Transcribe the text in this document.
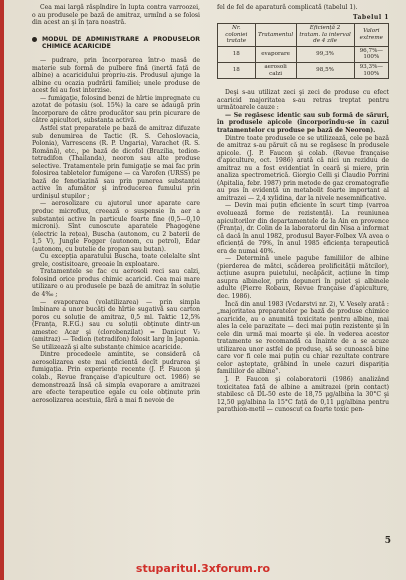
Cea mai largă răspîndire în lupta contra varroozei, o au produsele pe bază de amitraz, urmînd a se folosi din acest an şi în țara noastră.

MODUL DE ADMINISTRARE A PRODUSELOR CHIMICE ACARICIDE

— pudrare, prin încorporarea într-o masă de materie sub formă de pulbere fină (inertă față de albine) a acaricidului propriu-zis. Produsul ajunge la albine cu ocazia pudrării familiei; unele produse de acest fel au fost interzise.

— fumigaţie, folosind benzi de hîrtie impregnate cu azotat de potasiu (sol. 15%) la care se adaugă prin încorporare de către producător sau prin picurare de către apicultori, substanța activă.

Astfel stat preparatele pe bază de amitraz difuzate sub denumirea de Tactic (R. S. Cehoslovacia, Polonia), Varrescens (R. P. Ungaria), Varachet (R. S. Română), etc., pe bază de dicofol (Brazilia, tedion-tetradifon (Thailanda), neoron sau alte produse selective. Tratamentele prin fumigaţie se mai fac prin folosirea tabletelor fumigene — ca Varofen (URSS) pe bază de fenotiazină sau prin punerea substanței active în afumător şi introducerea fumului prin urdinișul stupilor ;

— aerosolizare cu ajutorul unor aparate care produc microflux, creează o suspensie în aer a substanței active în particule foarte fine (0,5—0,10 microni). Sînt cunoscute aparatele Phagogène (electric la rețea), Buscha (autonom, cu 2 baterii de 1,5 V), Jungle Fogger (autonom, cu petrol), Edar (autonom, cu butelie de propan sau butan).

Cu excepția aparatului Buscha, toate celelalte sînt grele, costisitoare, greoaie în exploatare.

Tratamentele se fac cu aerosoli reci sau calzi, folosind orice produs chimic acaricid. Cea mai mare utilizare o au produsele pe bază de amitraz în soluție de 4‰ ;

— evaporarea (volatilizarea) — prin simpla îmbinare a unor bucăți de hîrtie sugativă sau carton poros cu soluție de amitraz, 0,5 ml. Taktic 12,5% (Franța, R.F.G.) sau cu soluții obținute dintr-un amestec Acar şi (clorobenzilat) = Danicut V₂ (amitraz) — Tedion (tetradifon) folosit larg în Japonia. Se utilizează şi alte substanțe chimice acaricide.

Dintre procedeele amintite, se consideră că aerosolizarea este mai eficientă decît pudrarea şi fumigația. Prin experiențe recente (J. P. Faucon şi colab., Revue française d'apiculture oct. 1986) se demonstrează însă că simpla evaporare a amitrazei are efecte terapeutice egale cu cele obținute prin aerosolizarea acestuia, fără a mai fi nevoie de

fel de fel de aparatură complicată (tabelul 1).

Tabelul 1

Nr. coloniei tratate	Tratamentul	Eficiență 2 tratam. la interval de 4 zile	Valori extreme
18	evaporare	99,3%	96,7%—100%
18	aerosoli calzi	98,5%	93,3%—100%

Deşi s-au utilizat zeci şi zeci de produse cu efect acaricid majoritatea s-au retras treptat pentru următoarele cauze :

— Se regăsesc identic sau sub formă de săruri, în produsele apicole (încorporîndu-se în cazul tratamentelor cu produse pe bază de Neoron).

Dintre toate produsele ce se utilizează, cele pe bază de amitraz s-au păruit că nu se regăsesc în produsele apicole. (J. P. Faucon şi colab. (Revue française d'apiculture, oct. 1986) arată că nici un reziduu de amitraz nu a fost evidențiat în ceară şi miere, prin analiza spectrometrică. Giorgio Celli şi Claudio Porrini (Apitalia, febr. 1987) prin metode de gaz cromatografie au pus în evidență un metabolit foarte important al amitrazei — 2,4 xylidina, dar la nivele nesemnificative.

— Devin mai puțin eficiente în scurt timp (varroa evoluează forme de rezistență). La reuniunea apicultorilor din departamentele de la Ain en provence (Franța), dr. Colin de la laboratorul din Nisa a informat că dacă în anul 1982, produsul Bayer-Folbex VA avea o eficiență de 79%, în anul 1985 eficiența terapeutică era de numai 40%.

— Determină unele pagube familiilor de albine (pierderea de mătci, scăderea prolificității mătcilor), acțiune asupra puietului, necăpăcit, acțiune în timp asupra albinelor, prin depuneri în puiet şi albinele adulte (Pierre Robaux, Revue française d'apiculture, dec. 1986).

Încă din anul 1983 (Vcdarstvi nr. 2), V. Vesely arată : „majoritatea preparatelor pe bază de produse chimice acaricide, au o anumită toxicitate pentru albine, mai ales la cele parazitate — deci mai puțin rezistente şi în cele din urmă mai moarte şi ele. în vederea acestor tratamente se recomandă ca înainte de a se acuze utilizarea unor astfel de produse, să se cunoască bine care vor fi cele mai puțin cu chiar rezultate contrare celor așteptate, grăbind în unele cazuri dispariția familiilor de albine”.

J. P. Faucon şi colaboratorii (1986) analizând toxicitatea față de albine a amitrazei (prin contact) stabilesc că DL-50 este de 18,75 μg/albina la 30°C şi 12,50 μg/albina la 15°C față de 0,11 μg/albina pentru parathion-metil — cunoscut ca foarte toxic pen-

5
stuparitul.3xforum.ro
